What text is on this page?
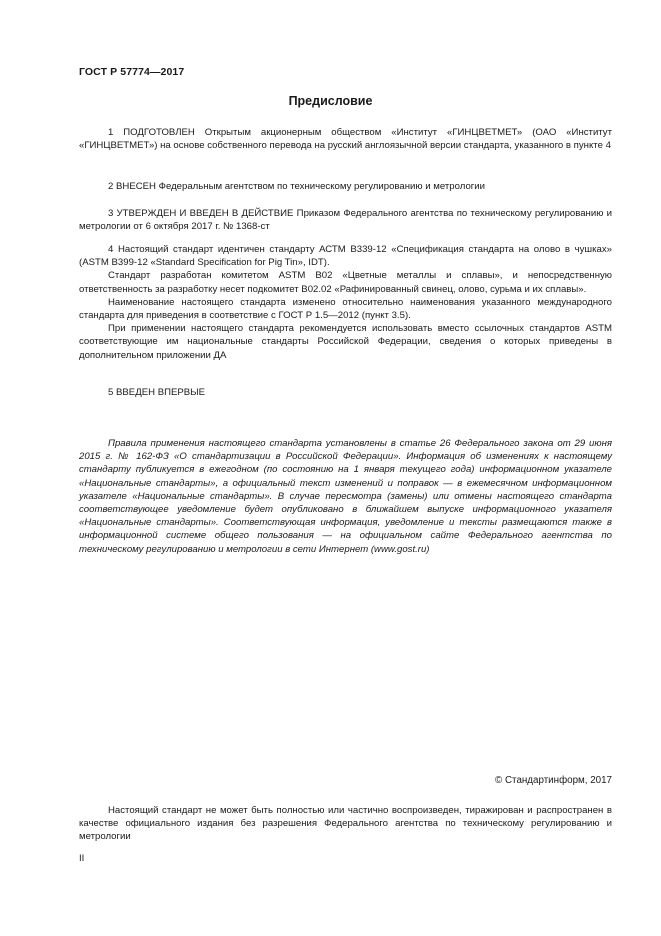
ГОСТ Р 57774—2017
Предисловие

1 ПОДГОТОВЛЕН Открытым акционерным обществом «Институт «ГИНЦВЕТМЕТ» (ОАО «Институт «ГИНЦВЕТМЕТ») на основе собственного перевода на русский англоязычной версии стандарта, указанного в пункте 4

2 ВНЕСЕН Федеральным агентством по техническому регулированию и метрологии

3 УТВЕРЖДЕН И ВВЕДЕН В ДЕЙСТВИЕ Приказом Федерального агентства по техническому регулированию и метрологии от 6 октября 2017 г. № 1368-ст

4 Настоящий стандарт идентичен стандарту АСТМ В339-12 «Спецификация стандарта на олово в чушках» (ASTM B399-12 «Standard Specification for Pig Tin», IDT).

Стандарт разработан комитетом ASTM B02 «Цветные металлы и сплавы», и непосредственную ответственность за разработку несет подкомитет B02.02 «Рафинированный свинец, олово, сурьма и их сплавы».

Наименование настоящего стандарта изменено относительно наименования указанного международного стандарта для приведения в соответствие с ГОСТ Р 1.5—2012 (пункт 3.5).

При применении настоящего стандарта рекомендуется использовать вместо ссылочных стандартов ASTM соответствующие им национальные стандарты Российской Федерации, сведения о которых приведены в дополнительном приложении ДА

5 ВВЕДЕН ВПЕРВЫЕ

Правила применения настоящего стандарта установлены в статье 26 Федерального закона от 29 июня 2015 г. № 162-ФЗ «О стандартизации в Российской Федерации». Информация об изменениях к настоящему стандарту публикуется в ежегодном (по состоянию на 1 января текущего года) информационном указателе «Национальные стандарты», а официальный текст изменений и поправок — в ежемесячном информационном указателе «Национальные стандарты». В случае пересмотра (замены) или отмены настоящего стандарта соответствующее уведомление будет опубликовано в ближайшем выпуске информационного указателя «Национальные стандарты». Соответствующая информация, уведомление и тексты размещаются также в информационной системе общего пользования — на официальном сайте Федерального агентства по техническому регулированию и метрологии в сети Интернет (www.gost.ru)

© Стандартинформ, 2017

Настоящий стандарт не может быть полностью или частично воспроизведен, тиражирован и распространен в качестве официального издания без разрешения Федерального агентства по техническому регулированию и метрологии

II
